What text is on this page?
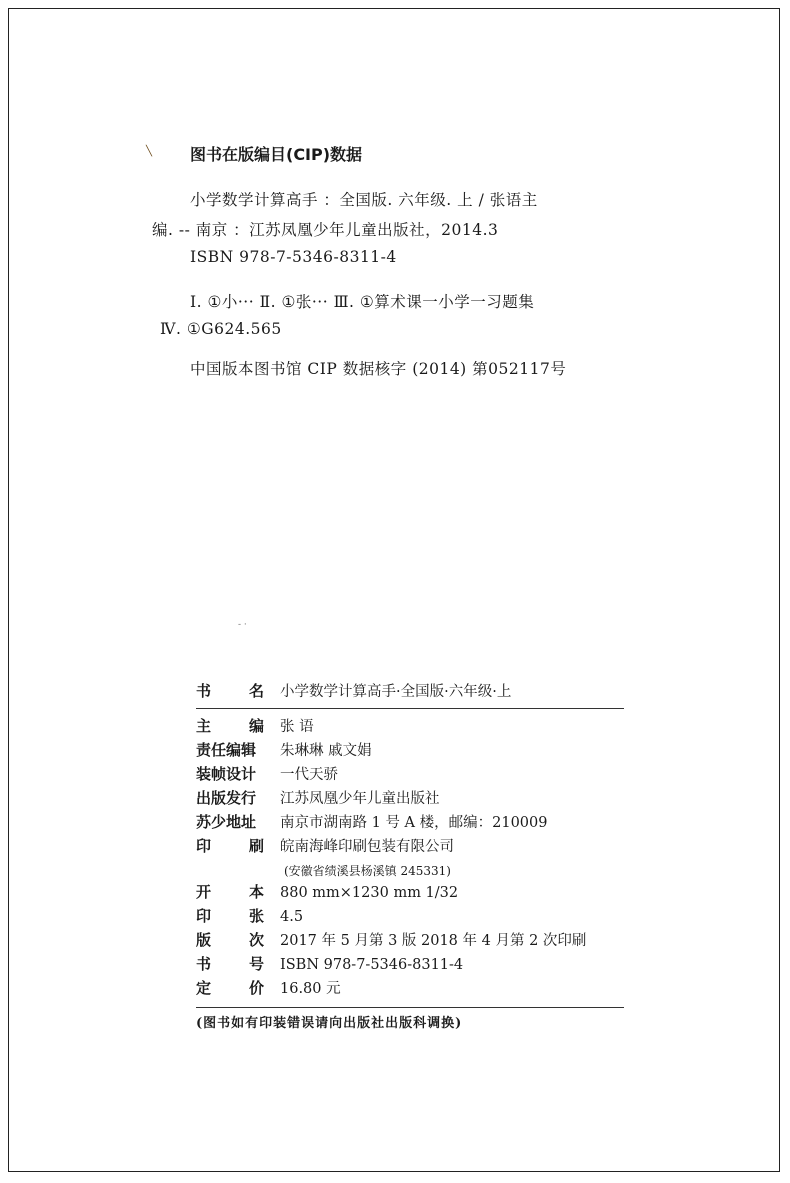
╲ 图书在版编目(CIP)数据
小学数学计算高手 ：全国版. 六年级. 上 / 张语主
编. -- 南京 ：江苏凤凰少年儿童出版社，2014.3
ISBN 978-7-5346-8311-4
Ⅰ. ①小··· Ⅱ. ①张··· Ⅲ. ①算术课一小学一习题集
Ⅳ. ①G624.565
中国版本图书馆 CIP 数据核字 (2014) 第052117号
- ·
书	名 小学数学计算高手·全国版·六年级·上
主	编 张 语
责任编辑	朱琳琳 戚文娟
装帧设计	一代天骄
出版发行	江苏凤凰少年儿童出版社
苏少地址	南京市湖南路 1 号 A 楼，邮编：210009
印	刷 皖南海峰印刷包装有限公司
(安徽省绩溪县杨溪镇 245331)
开	本 880 mm×1230 mm 1/32
印	张 4.5
版	次 2017 年 5 月第 3 版 2018 年 4 月第 2 次印刷
书	号 ISBN 978-7-5346-8311-4
定	价 16.80 元
(图书如有印装错误请向出版社出版科调换)
